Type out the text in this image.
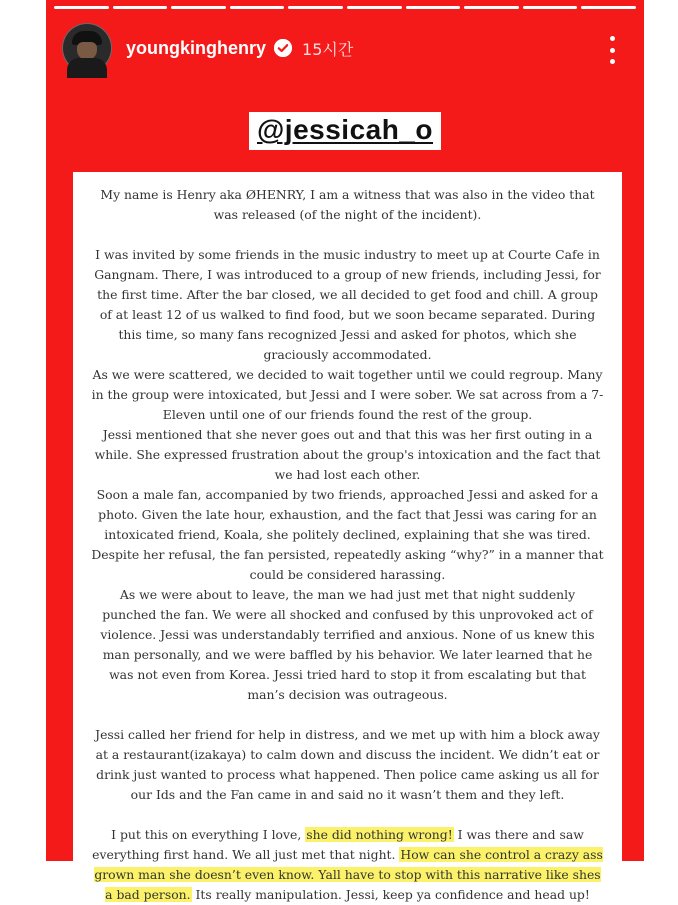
youngkinghenry 15시간
@jessicah_o

My name is Henry aka ØHENRY, I am a witness that was also in the video that was released (of the night of the incident).

I was invited by some friends in the music industry to meet up at Courte Cafe in Gangnam. There, I was introduced to a group of new friends, including Jessi, for the first time. After the bar closed, we all decided to get food and chill. A group of at least 12 of us walked to find food, but we soon became separated. During this time, so many fans recognized Jessi and asked for photos, which she graciously accommodated.

As we were scattered, we decided to wait together until we could regroup. Many in the group were intoxicated, but Jessi and I were sober. We sat across from a 7-Eleven until one of our friends found the rest of the group.

Jessi mentioned that she never goes out and that this was her first outing in a while. She expressed frustration about the group's intoxication and the fact that we had lost each other.

Soon a male fan, accompanied by two friends, approached Jessi and asked for a photo. Given the late hour, exhaustion, and the fact that Jessi was caring for an intoxicated friend, Koala, she politely declined, explaining that she was tired. Despite her refusal, the fan persisted, repeatedly asking “why?” in a manner that could be considered harassing.

As we were about to leave, the man we had just met that night suddenly punched the fan. We were all shocked and confused by this unprovoked act of violence. Jessi was understandably terrified and anxious. None of us knew this man personally, and we were baffled by his behavior. We later learned that he was not even from Korea. Jessi tried hard to stop it from escalating but that man’s decision was outrageous.

Jessi called her friend for help in distress, and we met up with him a block away at a restaurant(izakaya) to calm down and discuss the incident. We didn’t eat or drink just wanted to process what happened. Then police came asking us all for our Ids and the Fan came in and said no it wasn’t them and they left.

I put this on everything I love, she did nothing wrong! I was there and saw everything first hand. We all just met that night. How can she control a crazy ass grown man she doesn’t even know. Yall have to stop with this narrative like shes a bad person. Its really manipulation. Jessi, keep ya confidence and head up!
